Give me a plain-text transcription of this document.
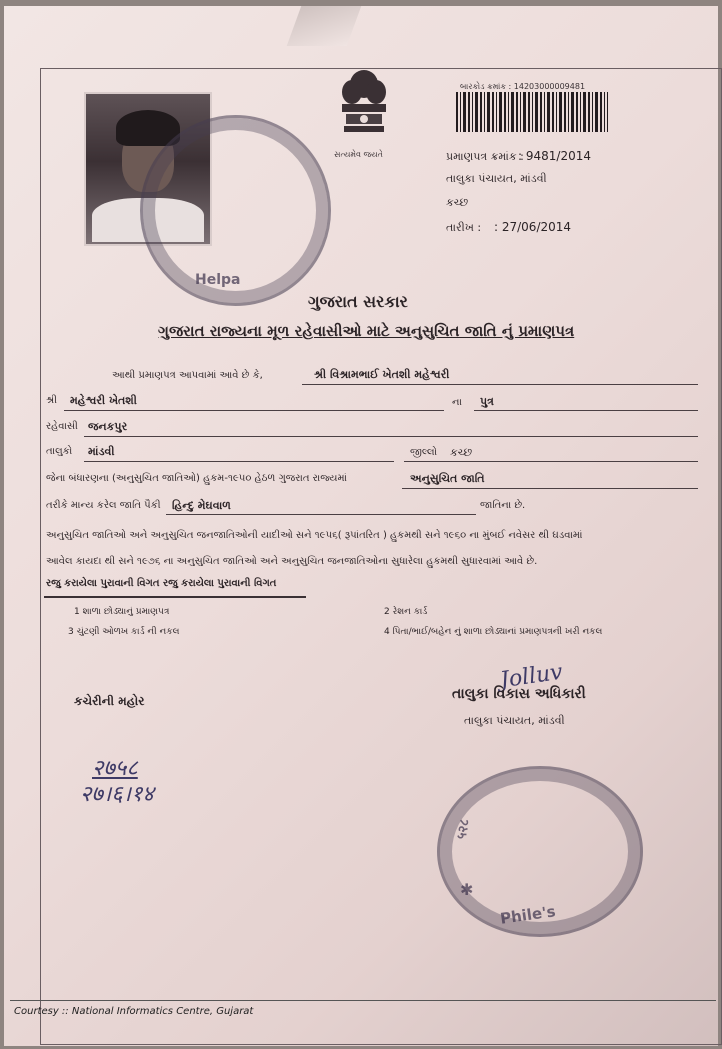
Helpa
સત્યમેવ જયતે
બારકોડ ક્રમાંક : 14203000009481
પ્રમાણપત્ર ક્રમાંક :
: 9481/2014
તાલુકા પંચાયત, માંડવી
કચ્છ
તારીખ : : 27/06/2014
ગુજરાત સરકાર
ગુજરાત રાજ્યના મૂળ રહેવાસીઓ માટે અનુસુચિત જાતિ નું પ્રમાણપત્ર
આથી પ્રમાણપત્ર આપવામાં આવે છે કે,	શ્રી વિશ્રામભાઈ ખેતશી મહેશ્વરી
શ્રી મહેશ્વરી ખેતશી	ના પુત્ર
રહેવાસી જનકપુર
તાલુકો માંડવી	જીલ્લો કચ્છ
જેના બંધારણના (અનુસુચિત જાતિઓ) હુકમ-૧૯૫૦ હેઠળ ગુજરાત રાજ્યમાં	અનુસુચિત જાતિ
તરીકે માન્ય કરેલ જાતિ પૈકી હિન્દુ મેઘવાળ	જાતિના છે.
અનુસુચિત જાતિઓ અને અનુસુચિત જનજાતિઓની યાદીઓ સને ૧૯૫૬( રૂપાંતરિત ) હુકમથી સને ૧૯૬૦ ના મુંબઈ નવેસર થી ઘડવામાં
આવેલ કાયદા થી સને ૧૯૭૬ ના અનુસુચિત જાતિઓ અને અનુસુચિત જનજાતિઓના સુધારેલા હુકમથી સુધારવામાં આવે છે.
રજુ કરાયેલા પુરાવાની વિગત રજુ કરાયેલા પુરાવાની વિગત
1 શાળા છોડ્યાનું પ્રમાણપત્ર	2 રેશન કાર્ડ
3 ચુંટણી ઓળખ કાર્ડ ની નકલ	4 પિતા/ભાઈ/બહેન નું શાળા છોડ્યાનાં પ્રમાણપત્રની ખરી નકલ
કચેરીની મહોર
Jolluv
તાલુકા વિકાસ અધિકારી
તાલુકા પંચાયત, માંડવી
२७५८
२७।६।१४
५२८
Phile's
✱
Courtesy :: National Informatics Centre, Gujarat
